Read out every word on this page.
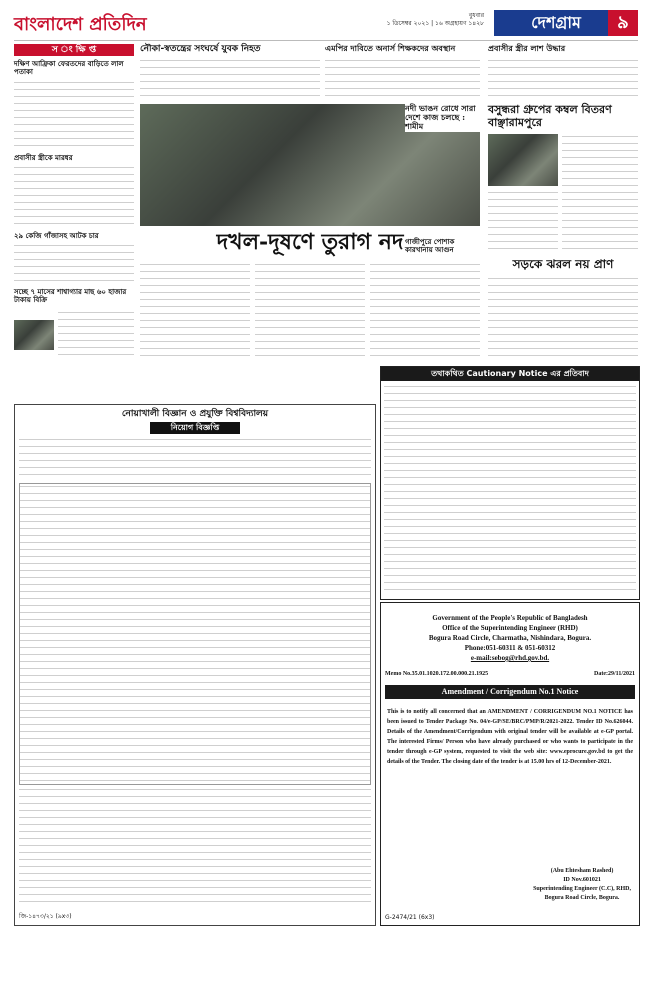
বাংলাদেশ প্রতিদিন	বুধবার
১ ডিসেম্বর ২০২১ | ১৬ অগ্রহায়ণ ১৪২৮	দেশগ্রাম	৯
স ং ক্ষি প্ত	নৌকা-স্বতন্ত্রের সংঘর্ষে যুবক নিহত	এমপির দাবিতে অনার্স শিক্ষকদের অবস্থান	প্রবাসীর স্ত্রীর লাশ উদ্ধার
দক্ষিণ আফ্রিকা ফেরতদের বাড়িতে লাল পতাকা
প্রবাসীর স্ত্রীকে মারধর
২৯ কেজি গাঁজাসহ আটক চার
সচ্ছে ৭ মাসের শাশ্বাগ্যার মাছ ৬০ হাজার টাকায় বিক্রি
দখল-দূষণে তুরাগ নদ
নদী ভাঙন রোধে সারা দেশে কাজ চলছে : শামীম
গাজীপুরে পোশাক কারখানায় আগুন
বসুন্ধরা গ্রুপের কম্বল বিতরণ বাঞ্ছারামপুরে
সড়কে ঝরল নয় প্রাণ
তথাকথিত Cautionary Notice এর প্রতিবাদ
নোয়াখালী বিজ্ঞান ও প্রযুক্তি বিশ্ববিদ্যালয়
নিয়োগ বিজ্ঞপ্তি
জি-১৪৭৩/২১ (৯x৩)
Government of the People's Republic of Bangladesh
Office of the Superintending Engineer (RHD)
Bogura Road Circle, Charmatha, Nishindara, Bogura.
Phone:051-60311 & 051-60312
e-mail:sebog@rhd.gov.bd.
Memo No.35.01.1020.172.00.000.21.1925	Date:29/11/2021
Amendment / Corrigendum No.1 Notice
This is to notify all concerned that an AMENDMENT / CORRIGENDUM NO.1 NOTICE has been issued to Tender Package No. 04/e-GP/SE/BRC/PMP/R/2021-2022. Tender ID No.626044. Details of the Amendment/Corrigendum with original tender will be available at e-GP portal. The interested Firms/ Person who have already purchased or who wants to participate in the tender through e-GP system, requested to visit the web site: www.eprocure.gov.bd to get the details of the Tender. The closing date of the tender is at 15.00 hrs of 12-December-2021.
(Abu Ehtesham Rashed)
ID Nov.601021
Superintending Engineer (C.C), RHD,
Bogura Road Circle, Bogura.
G-2474/21 (6x3)
